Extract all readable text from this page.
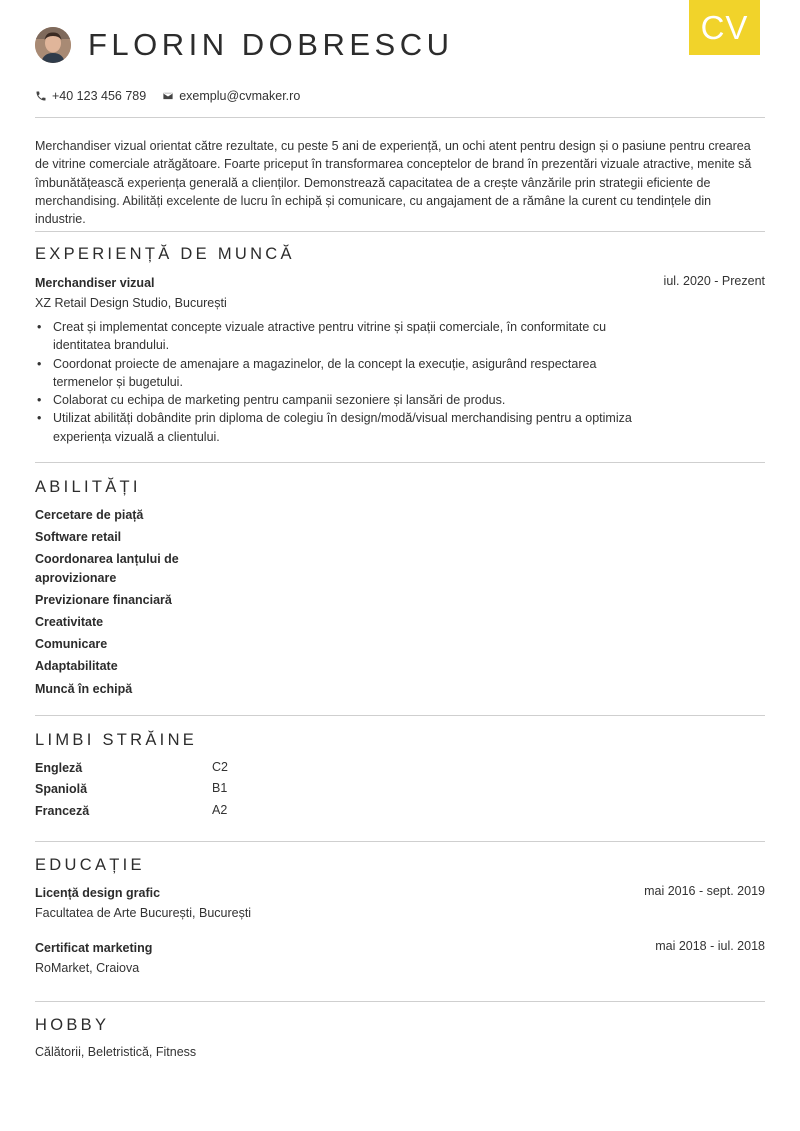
CV
FLORIN DOBRESCU
+40 123 456 789	exemplu@cvmaker.ro
Merchandiser vizual orientat către rezultate, cu peste 5 ani de experiență, un ochi atent pentru design și o pasiune pentru crearea de vitrine comerciale atrăgătoare. Foarte priceput în transformarea conceptelor de brand în prezentări vizuale atractive, menite să îmbunătățească experiența generală a clienților. Demonstrează capacitatea de a crește vânzările prin strategii eficiente de merchandising. Abilități excelente de lucru în echipă și comunicare, cu angajament de a rămâne la curent cu tendințele din industrie.
EXPERIENȚĂ DE MUNCĂ
Merchandiser vizual	iul. 2020 - Prezent
XZ Retail Design Studio, București
• Creat și implementat concepte vizuale atractive pentru vitrine și spații comerciale, în conformitate cu identitatea brandului.
• Coordonat proiecte de amenajare a magazinelor, de la concept la execuție, asigurând respectarea termenelor și bugetului.
• Colaborat cu echipa de marketing pentru campanii sezoniere și lansări de produs.
• Utilizat abilități dobândite prin diploma de colegiu în design/modă/visual merchandising pentru a optimiza experiența vizuală a clientului.
ABILITĂȚI
Cercetare de piață
Software retail
Coordonarea lanțului de aprovizionare
Previzionare financiară
Creativitate
Comunicare
Adaptabilitate
Muncă în echipă
LIMBI STRĂINE
Engleză	C2
Spaniolă	B1
Franceză	A2
EDUCAȚIE
Licență design grafic	mai 2016 - sept. 2019
Facultatea de Arte București, București
Certificat marketing	mai 2018 - iul. 2018
RoMarket, Craiova
HOBBY
Călătorii, Beletristică, Fitness
